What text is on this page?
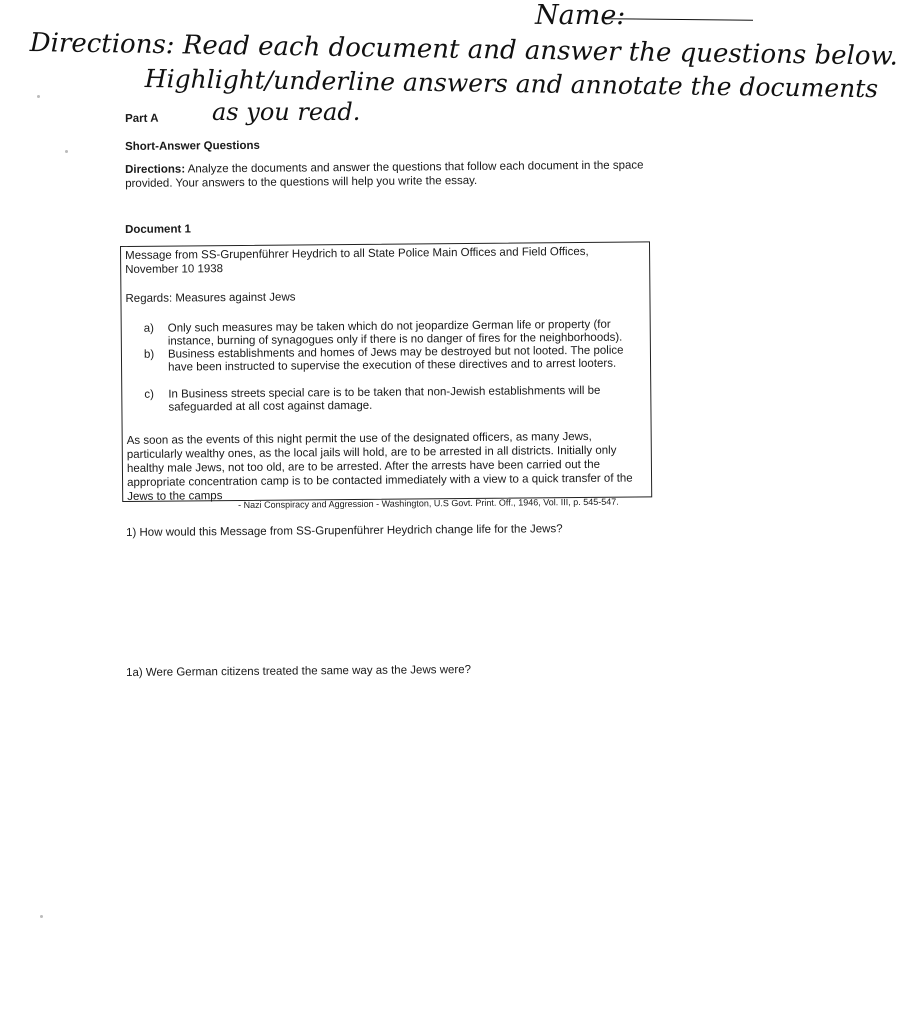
Name:
Directions: Read each document and answer the questions below.
Highlight/underline answers and annotate the documents
as you read.
Part A
Short-Answer Questions
Directions: Analyze the documents and answer the questions that follow each document in the space provided. Your answers to the questions will help you write the essay.
Document 1
Message from SS-Grupenführer Heydrich to all State Police Main Offices and Field Offices, November 10 1938
Regards: Measures against Jews
a) Only such measures may be taken which do not jeopardize German life or property (for instance, burning of synagogues only if there is no danger of fires for the neighborhoods).
b) Business establishments and homes of Jews may be destroyed but not looted. The police have been instructed to supervise the execution of these directives and to arrest looters.
c) In Business streets special care is to be taken that non-Jewish establishments will be safeguarded at all cost against damage.
As soon as the events of this night permit the use of the designated officers, as many Jews, particularly wealthy ones, as the local jails will hold, are to be arrested in all districts. Initially only healthy male Jews, not too old, are to be arrested. After the arrests have been carried out the appropriate concentration camp is to be contacted immediately with a view to a quick transfer of the Jews to the camps
- Nazi Conspiracy and Aggression - Washington, U.S Govt. Print. Off., 1946, Vol. III, p. 545-547.
1) How would this Message from SS-Grupenführer Heydrich change life for the Jews?
1a) Were German citizens treated the same way as the Jews were?
